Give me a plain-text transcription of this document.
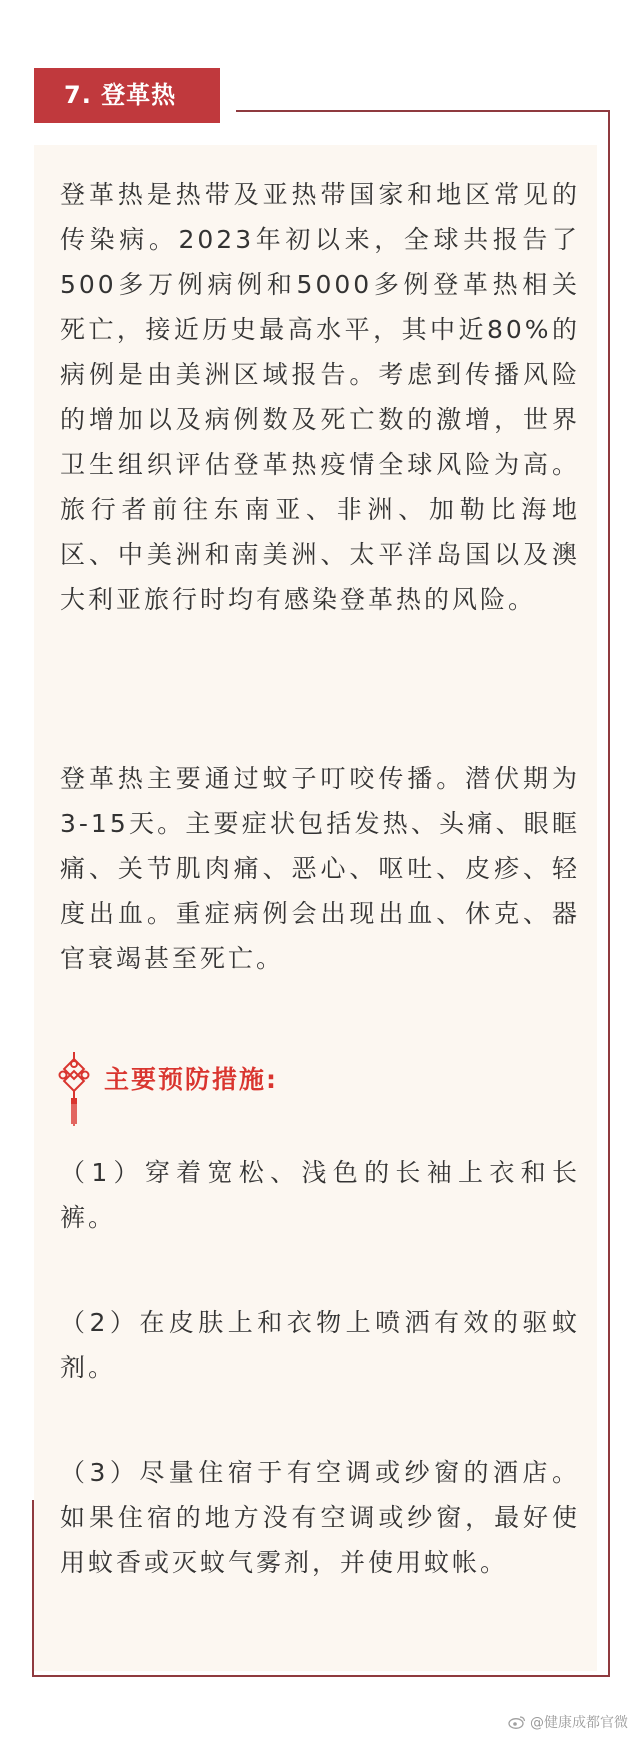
7. 登革热

登革热是热带及亚热带国家和地区常见的传染病。2023年初以来，全球共报告了500多万例病例和5000多例登革热相关死亡，接近历史最高水平，其中近80%的病例是由美洲区域报告。考虑到传播风险的增加以及病例数及死亡数的激增，世界卫生组织评估登革热疫情全球风险为高。旅行者前往东南亚、非洲、加勒比海地区、中美洲和南美洲、太平洋岛国以及澳大利亚旅行时均有感染登革热的风险。

登革热主要通过蚊子叮咬传播。潜伏期为3-15天。主要症状包括发热、头痛、眼眶痛、关节肌肉痛、恶心、呕吐、皮疹、轻度出血。重症病例会出现出血、休克、器官衰竭甚至死亡。

主要预防措施:

（1）穿着宽松、浅色的长袖上衣和长裤。

（2）在皮肤上和衣物上喷洒有效的驱蚊剂。

（3）尽量住宿于有空调或纱窗的酒店。如果住宿的地方没有空调或纱窗，最好使用蚊香或灭蚊气雾剂，并使用蚊帐。

@健康成都官微
